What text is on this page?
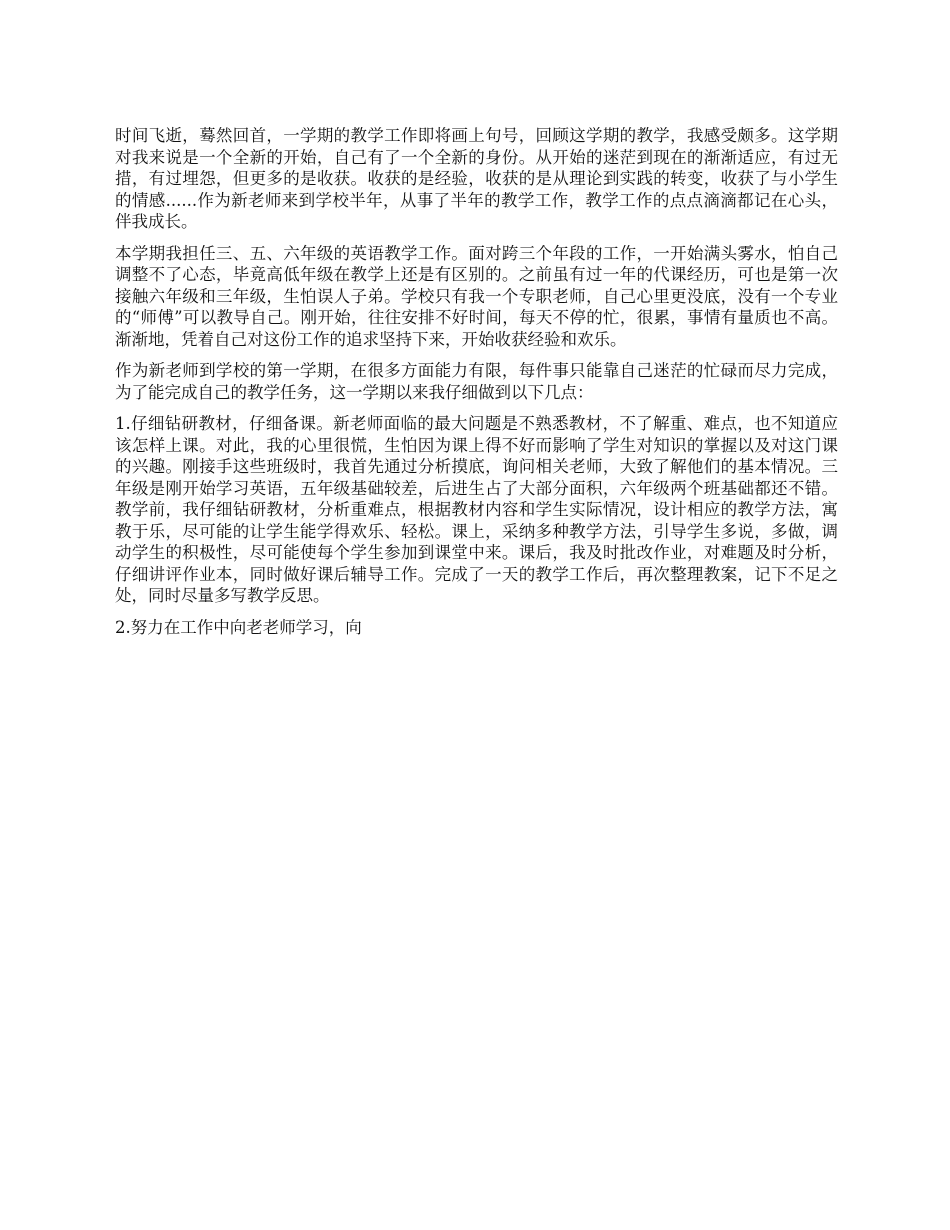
时间飞逝，蓦然回首，一学期的教学工作即将画上句号，回顾这学期的教学，我感受颇多。这学期对我来说是一个全新的开始，自己有了一个全新的身份。从开始的迷茫到现在的渐渐适应，有过无措，有过埋怨，但更多的是收获。收获的是经验，收获的是从理论到实践的转变，收获了与小学生的情感......作为新老师来到学校半年，从事了半年的教学工作，教学工作的点点滴滴都记在心头，伴我成长。

本学期我担任三、五、六年级的英语教学工作。面对跨三个年段的工作，一开始满头雾水，怕自己调整不了心态，毕竟高低年级在教学上还是有区别的。之前虽有过一年的代课经历，可也是第一次接触六年级和三年级，生怕误人子弟。学校只有我一个专职老师，自己心里更没底，没有一个专业的“师傅”可以教导自己。刚开始，往往安排不好时间，每天不停的忙，很累，事情有量质也不高。渐渐地，凭着自己对这份工作的追求坚持下来，开始收获经验和欢乐。

作为新老师到学校的第一学期，在很多方面能力有限，每件事只能靠自己迷茫的忙碌而尽力完成，为了能完成自己的教学任务，这一学期以来我仔细做到以下几点：

1.仔细钻研教材，仔细备课。新老师面临的最大问题是不熟悉教材，不了解重、难点，也不知道应该怎样上课。对此，我的心里很慌，生怕因为课上得不好而影响了学生对知识的掌握以及对这门课的兴趣。刚接手这些班级时，我首先通过分析摸底，询问相关老师，大致了解他们的基本情况。三年级是刚开始学习英语，五年级基础较差，后进生占了大部分面积，六年级两个班基础都还不错。教学前，我仔细钻研教材，分析重难点，根据教材内容和学生实际情况，设计相应的教学方法，寓教于乐，尽可能的让学生能学得欢乐、轻松。课上，采纳多种教学方法，引导学生多说，多做，调动学生的积极性，尽可能使每个学生参加到课堂中来。课后，我及时批改作业，对难题及时分析，仔细讲评作业本，同时做好课后辅导工作。完成了一天的教学工作后，再次整理教案，记下不足之处，同时尽量多写教学反思。

2.努力在工作中向老老师学习，向
